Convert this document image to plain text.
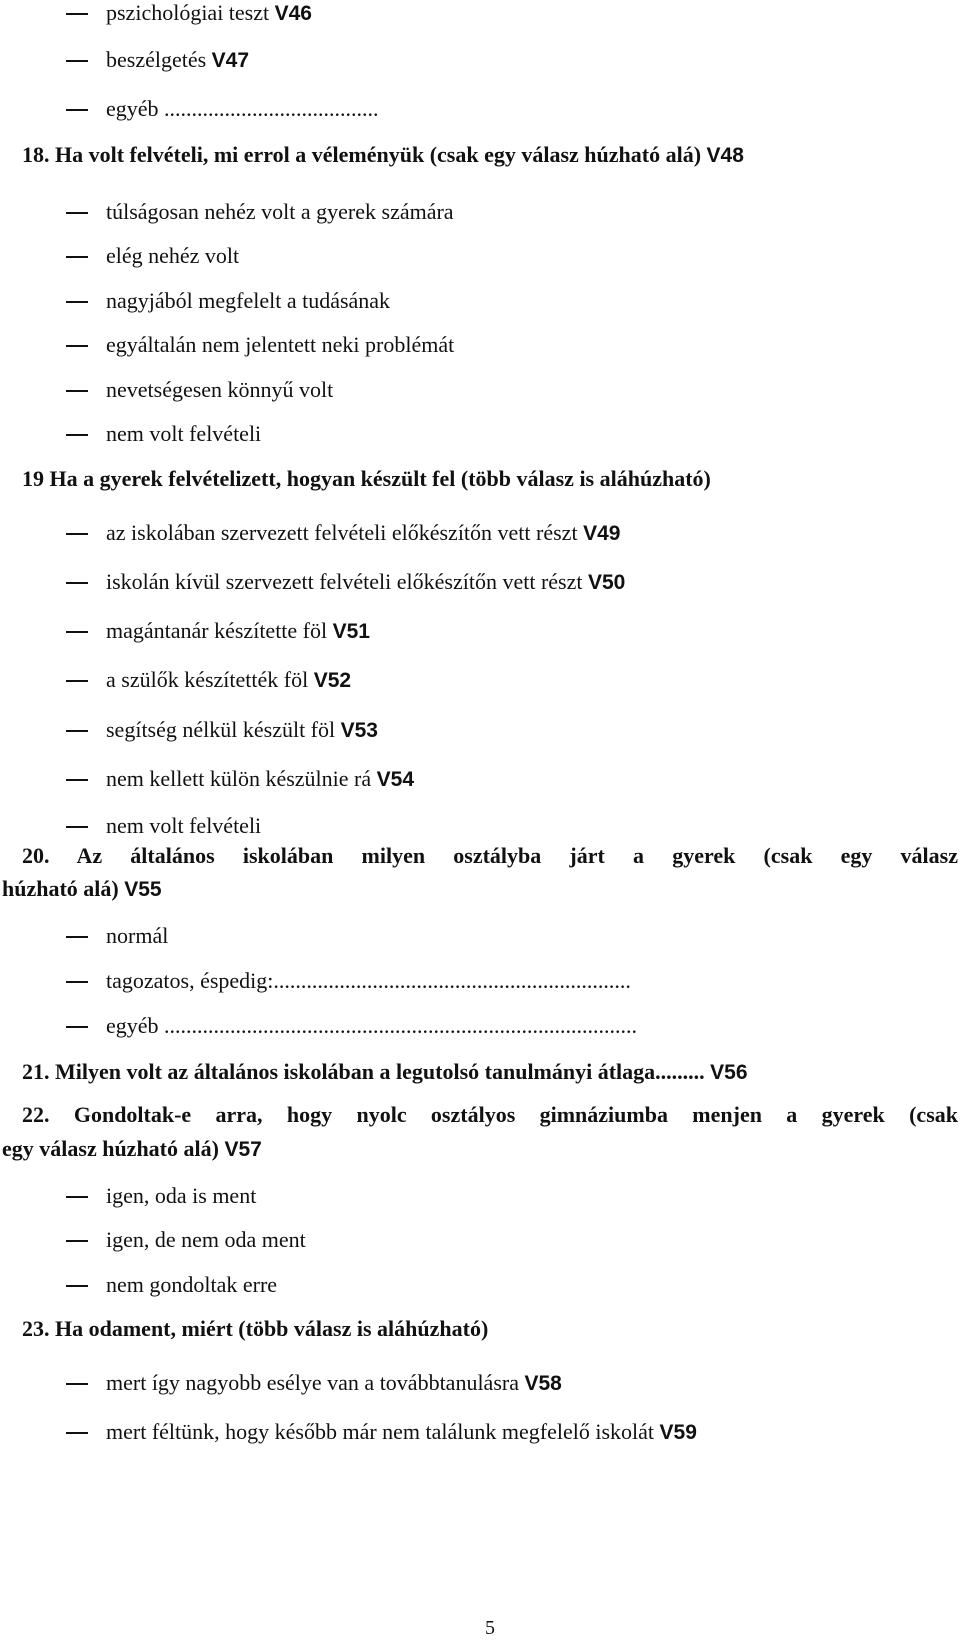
pszichológiai teszt V46
beszélgetés V47
egyéb .......................................
18. Ha volt felvételi, mi errol a véleményük (csak egy válasz húzható alá) V48
túlságosan nehéz volt a gyerek számára
elég nehéz volt
nagyjából megfelelt a tudásának
egyáltalán nem jelentett neki problémát
nevetségesen könnyű volt
nem volt felvételi
19 Ha a gyerek felvételizett, hogyan készült fel (több válasz is aláhúzható)
az iskolában szervezett felvételi előkészítőn vett részt V49
iskolán kívül szervezett felvételi előkészítőn vett részt V50
magántanár készítette föl V51
a szülők készítették föl V52
segítség nélkül készült föl V53
nem kellett külön készülnie rá V54
nem volt felvételi
20. Az általános iskolában milyen osztályba járt a gyerek (csak egy válasz
húzható alá) V55
normál
tagozatos, éspedig:.................................................................
egyéb ......................................................................................
21. Milyen volt az általános iskolában a legutolsó tanulmányi átlaga......... V56
22. Gondoltak-e arra, hogy nyolc osztályos gimnáziumba menjen a gyerek (csak
egy válasz húzható alá) V57
igen, oda is ment
igen, de nem oda ment
nem gondoltak erre
23. Ha odament, miért (több válasz is aláhúzható)
mert így nagyobb esélye van a továbbtanulásra V58
mert féltünk, hogy később már nem találunk megfelelő iskolát V59
5
